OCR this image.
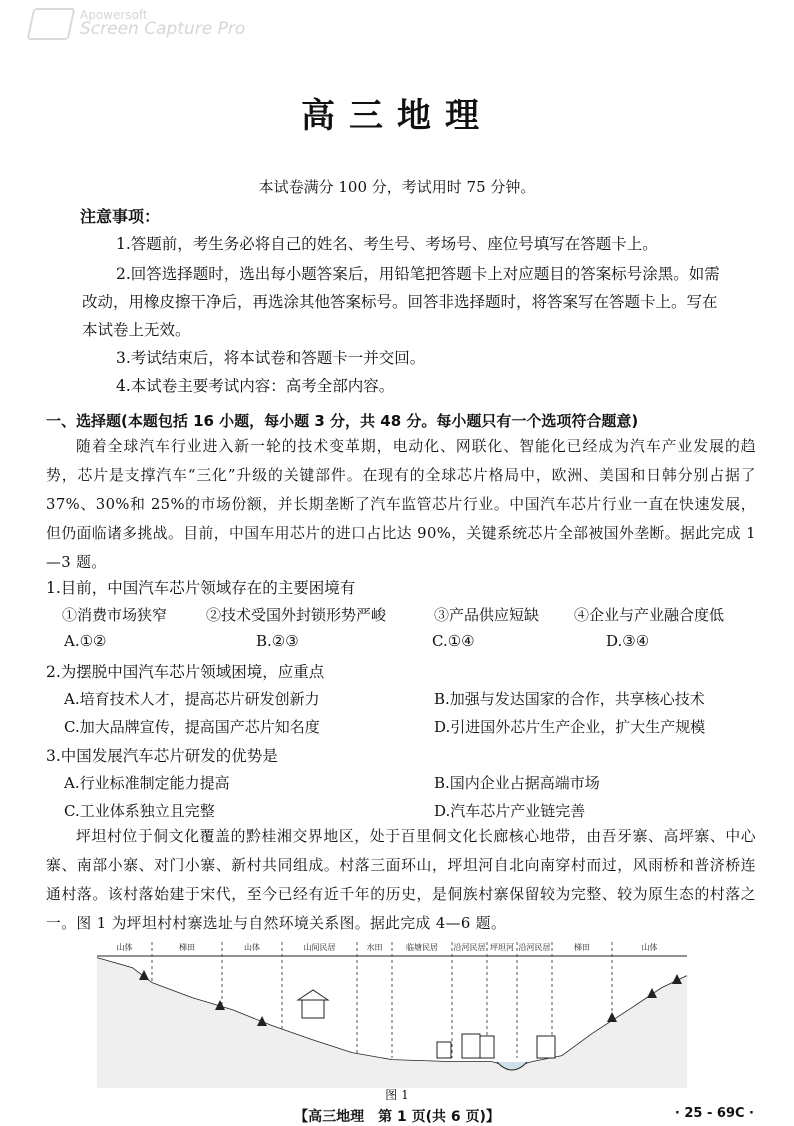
Apowersoft
Screen Capture Pro
高三地理
本试卷满分 100 分，考试用时 75 分钟。
注意事项：
1.答题前，考生务必将自己的姓名、考生号、考场号、座位号填写在答题卡上。
2.回答选择题时，选出每小题答案后，用铅笔把答题卡上对应题目的答案标号涂黑。如需改动，用橡皮擦干净后，再选涂其他答案标号。回答非选择题时，将答案写在答题卡上。写在本试卷上无效。
3.考试结束后，将本试卷和答题卡一并交回。
4.本试卷主要考试内容：高考全部内容。
一、选择题(本题包括 16 小题，每小题 3 分，共 48 分。每小题只有一个选项符合题意)
随着全球汽车行业进入新一轮的技术变革期，电动化、网联化、智能化已经成为汽车产业发展的趋势，芯片是支撑汽车“三化”升级的关键部件。在现有的全球芯片格局中，欧洲、美国和日韩分别占据了 37%、30%和 25%的市场份额，并长期垄断了汽车监管芯片行业。中国汽车芯片行业一直在快速发展，但仍面临诸多挑战。目前，中国车用芯片的进口占比达 90%，关键系统芯片全部被国外垄断。据此完成 1—3 题。
1.目前，中国汽车芯片领域存在的主要困境有
①消费市场狭窄	②技术受国外封锁形势严峻	③产品供应短缺 ④企业与产业融合度低
A.①②	B.②③	C.①④	D.③④
2.为摆脱中国汽车芯片领域困境，应重点
A.培育技术人才，提高芯片研发创新力	B.加强与发达国家的合作，共享核心技术
C.加大品牌宣传，提高国产芯片知名度	D.引进国外芯片生产企业，扩大生产规模
3.中国发展汽车芯片研发的优势是
A.行业标准制定能力提高	B.国内企业占据高端市场
C.工业体系独立且完整	D.汽车芯片产业链完善
坪坦村位于侗文化覆盖的黔桂湘交界地区，处于百里侗文化长廊核心地带，由吾牙寨、高坪寨、中心寨、南部小寨、对门小寨、新村共同组成。村落三面环山，坪坦河自北向南穿村而过，风雨桥和普济桥连通村落。该村落始建于宋代，至今已经有近千年的历史，是侗族村寨保留较为完整、较为原生态的村落之一。图 1 为坪坦村村寨选址与自然环境关系图。据此完成 4—6 题。
山体	梯田	山体	山间民居	水田	临塘民居 沿河民居 坪坦河 沿河民居	梯田	山体
图 1
【高三地理　第 1 页(共 6 页)】	· 25 - 69C ·
